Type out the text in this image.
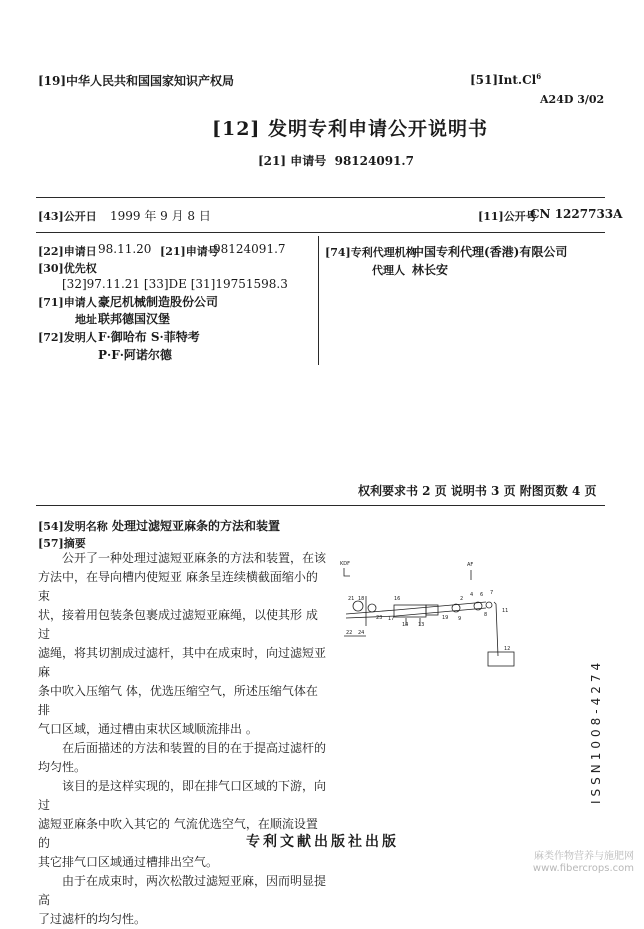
[19]中华人民共和国国家知识产权局	[51]Int.Cl$^6$
A24D 3/02
[12] 发明专利申请公开说明书
[21] 申请号 98124091.7
[43]公开日 1999 年 9 月 8 日	[11]公开号
CN 1227733A
[22]申请日 98.11.20 [21]申请号
98124091.7
[30]优先权
[32]97.11.21 [33]DE [31]19751598.3
[71]申请人 豪尼机械制造股份公司
地址 联邦德国汉堡
[72]发明人 F·御哈布 S·菲特考
P·F·阿诺尔德
[74]专利代理机构
中国专利代理(香港)有限公司
代理人 林长安
权利要求书 2 页 说明书 3 页 附图页数 4 页
[54]发明名称 处理过滤短亚麻条的方法和装置
[57]摘要
公开了一种处理过滤短亚麻条的方法和装置，在该
方法中，在导向槽内使短亚 麻条呈连续横截面缩小的束
状，接着用包装条包裹成过滤短亚麻绳，以使其形 成过
滤绳，将其切割成过滤杆，其中在成束时，向过滤短亚麻
条中吹入压缩气 体，优选压缩空气，所述压缩气体在排
气口区域，通过槽由束状区域顺流排出 。
在后面描述的方法和装置的目的在于提高过滤杆的
均匀性。
该目的是这样实现的，即在排气口区域的下游，向过
滤短亚麻条中吹入其它的 气流优选空气，在顺流设置的
其它排气口区域通过槽排出空气。
由于在成束时，两次松散过滤短亚麻，因而明显提高
了过滤杆的均匀性。
KDF	AF
21 18
23 17
16
14 13
19
22 24
2
4 6 7
8
9
11
12
ISSN1008-4274
专利文献出版社出版
麻类作物营养与施肥网
www.fibercrops.com
